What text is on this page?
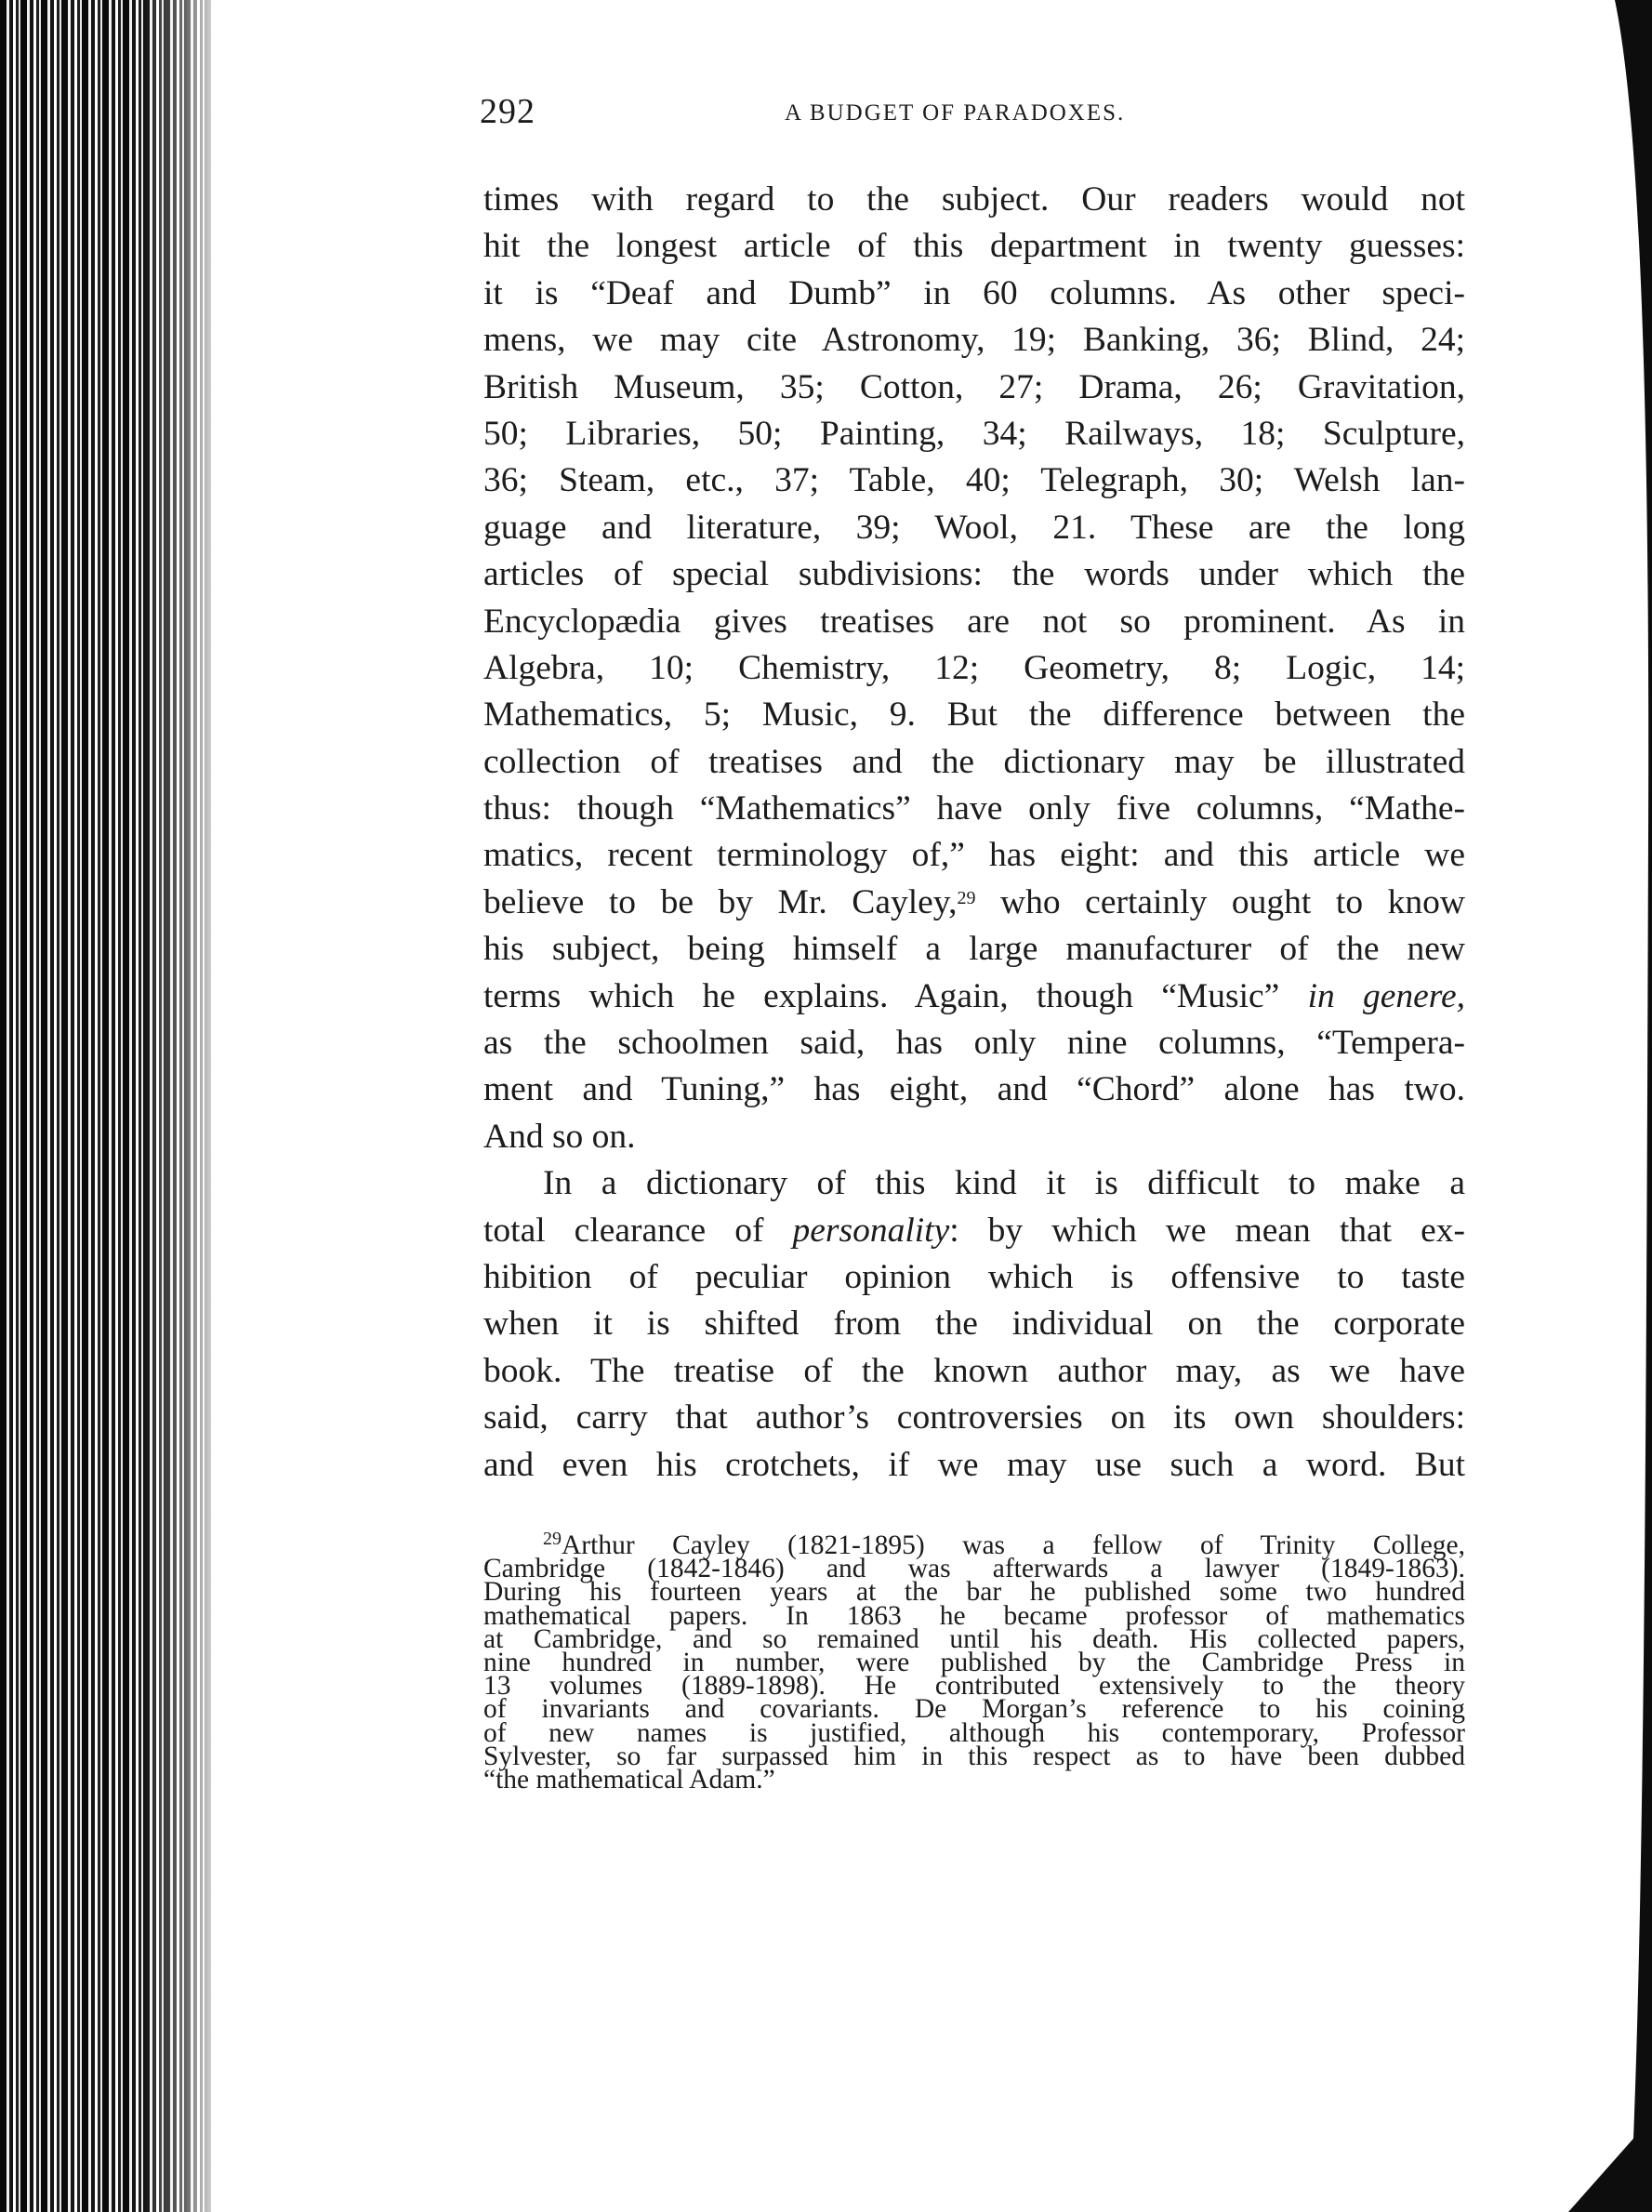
292	A BUDGET OF PARADOXES.
times with regard to the subject. Our readers would not
hit the longest article of this department in twenty guesses:
it is “Deaf and Dumb” in 60 columns. As other speci-
mens, we may cite Astronomy, 19; Banking, 36; Blind, 24;
British Museum, 35; Cotton, 27; Drama, 26; Gravitation,
50; Libraries, 50; Painting, 34; Railways, 18; Sculpture,
36; Steam, etc., 37; Table, 40; Telegraph, 30; Welsh lan-
guage and literature, 39; Wool, 21. These are the long
articles of special subdivisions: the words under which the
Encyclopædia gives treatises are not so prominent. As in
Algebra, 10; Chemistry, 12; Geometry, 8; Logic, 14;
Mathematics, 5; Music, 9. But the difference between the
collection of treatises and the dictionary may be illustrated
thus: though “Mathematics” have only five columns, “Mathe-
matics, recent terminology of,” has eight: and this article we
believe to be by Mr. Cayley,$^{29}$ who certainly ought to know
his subject, being himself a large manufacturer of the new
terms which he explains. Again, though “Music” in genere,
as the schoolmen said, has only nine columns, “Tempera-
ment and Tuning,” has eight, and “Chord” alone has two.
And so on.
In a dictionary of this kind it is difficult to make a
total clearance of personality: by which we mean that ex-
hibition of peculiar opinion which is offensive to taste
when it is shifted from the individual on the corporate
book. The treatise of the known author may, as we have
said, carry that author’s controversies on its own shoulders:
and even his crotchets, if we may use such a word. But
$^{29}$Arthur Cayley (1821-1895) was a fellow of Trinity College,
Cambridge (1842-1846) and was afterwards a lawyer (1849-1863).
During his fourteen years at the bar he published some two hundred
mathematical papers. In 1863 he became professor of mathematics
at Cambridge, and so remained until his death. His collected papers,
nine hundred in number, were published by the Cambridge Press in
13 volumes (1889-1898). He contributed extensively to the theory
of invariants and covariants. De Morgan’s reference to his coining
of new names is justified, although his contemporary, Professor
Sylvester, so far surpassed him in this respect as to have been dubbed
“the mathematical Adam.”
